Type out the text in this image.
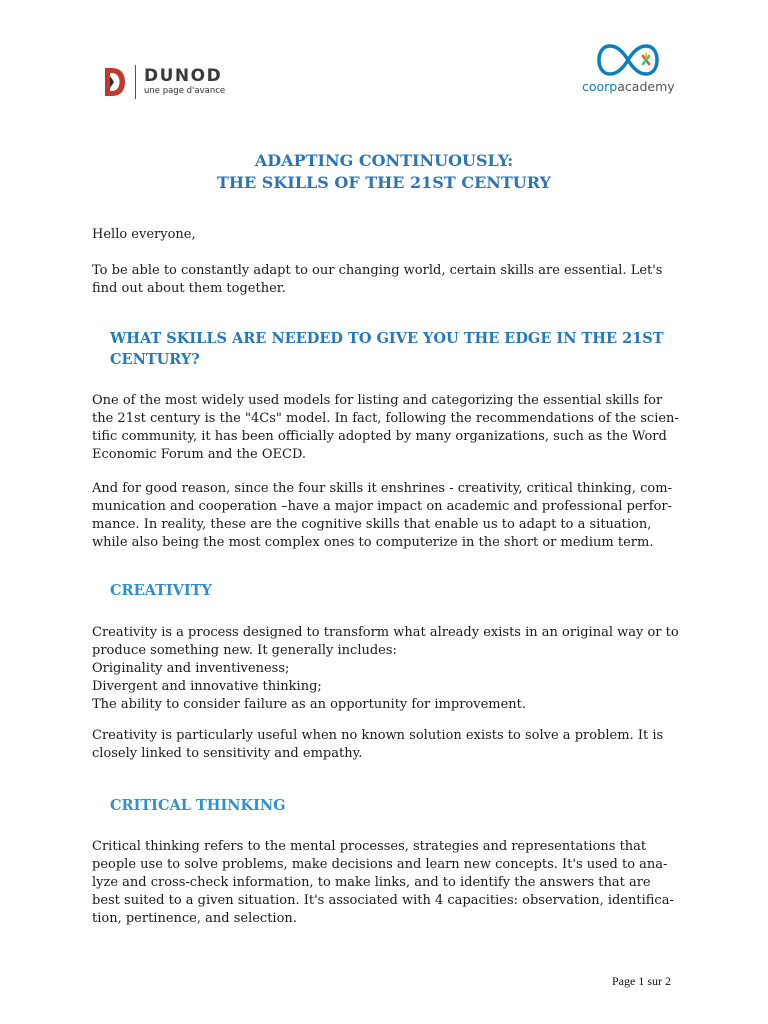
DUNOD
une page d'avance	coorpacademy
ADAPTING CONTINUOUSLY:
THE SKILLS OF THE 21ST CENTURY

Hello everyone,

To be able to constantly adapt to our changing world, certain skills are essential. Let's

find out about them together.

WHAT SKILLS ARE NEEDED TO GIVE YOU THE EDGE IN THE 21ST
CENTURY?

One of the most widely used models for listing and categorizing the essential skills for

the 21st century is the "4Cs" model. In fact, following the recommendations of the scien-

tific community, it has been officially adopted by many organizations, such as the Word

Economic Forum and the OECD.

And for good reason, since the four skills it enshrines - creativity, critical thinking, com-

munication and cooperation –have a major impact on academic and professional perfor-

mance. In reality, these are the cognitive skills that enable us to adapt to a situation,

while also being the most complex ones to computerize in the short or medium term.

CREATIVITY

Creativity is a process designed to transform what already exists in an original way or to

produce something new. It generally includes:

Originality and inventiveness;

Divergent and innovative thinking;

The ability to consider failure as an opportunity for improvement.

Creativity is particularly useful when no known solution exists to solve a problem. It is

closely linked to sensitivity and empathy.

CRITICAL THINKING

Critical thinking refers to the mental processes, strategies and representations that

people use to solve problems, make decisions and learn new concepts. It's used to ana-

lyze and cross-check information, to make links, and to identify the answers that are

best suited to a given situation. It's associated with 4 capacities: observation, identifica-

tion, pertinence, and selection.

Page 1 sur 2
